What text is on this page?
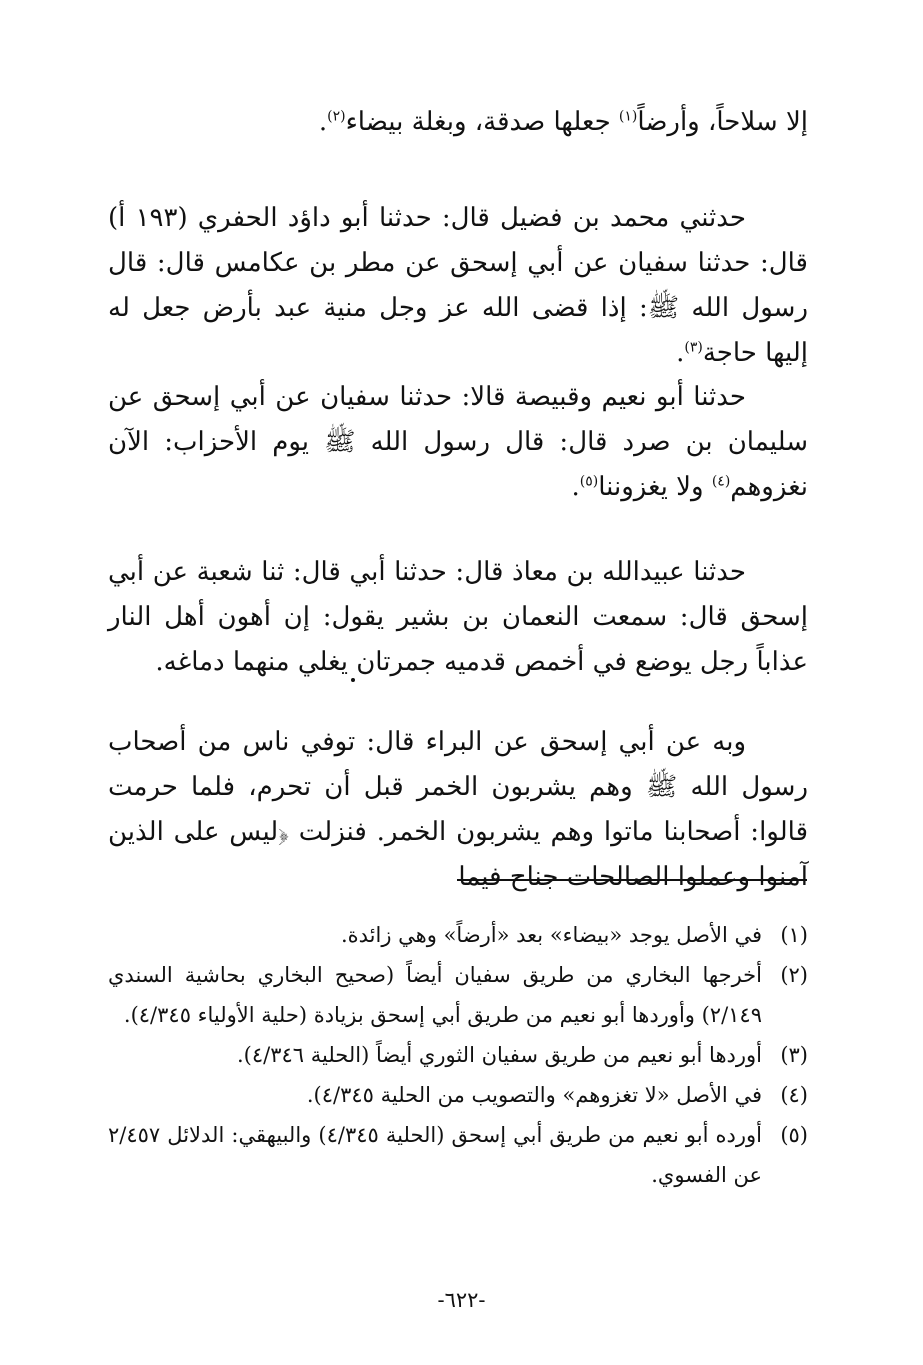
إلا سلاحاً، وأرضاً$^{(١)}$ جعلها صدقة، وبغلة بيضاء$^{(٢)}$.

حدثني محمد بن فضيل قال: حدثنا أبو داؤد الحفري (١٩٣ أ) قال: حدثنا سفيان عن أبي إسحق عن مطر بن عكامس قال: قال رسول الله ﷺ: إذا قضى الله عز وجل منية عبد بأرض جعل له إليها حاجة$^{(٣)}$.

حدثنا أبو نعيم وقبيصة قالا: حدثنا سفيان عن أبي إسحق عن سليمان بن صرد قال: قال رسول الله ﷺ يوم الأحزاب: الآن نغزوهم$^{(٤)}$ ولا يغزوننا$^{(٥)}$.

حدثنا عبيدالله بن معاذ قال: حدثنا أبي قال: ثنا شعبة عن أبي إسحق قال: سمعت النعمان بن بشير يقول: إن أهون أهل النار عذاباً رجل يوضع في أخمص قدميه جمرتان يغلي منهما دماغه.

وبه عن أبي إسحق عن البراء قال: توفي ناس من أصحاب رسول الله ﷺ وهم يشربون الخمر قبل أن تحرم، فلما حرمت قالوا: أصحابنا ماتوا وهم يشربون الخمر. فنزلت ﴿ليس على الذين آمنوا وعملوا الصالحات جناح فيما

(١)
في الأصل يوجد «بيضاء» بعد «أرضاً» وهي زائدة.
(٢)
أخرجها البخاري من طريق سفيان أيضاً (صحيح البخاري بحاشية السندي ٢/١٤٩) وأوردها أبو نعيم من طريق أبي إسحق بزيادة (حلية الأولياء ٤/٣٤٥).
(٣)
أوردها أبو نعيم من طريق سفيان الثوري أيضاً (الحلية ٤/٣٤٦).
(٤)
في الأصل «لا تغزوهم» والتصويب من الحلية ٤/٣٤٥).
(٥)
أورده أبو نعيم من طريق أبي إسحق (الحلية ٤/٣٤٥) والبيهقي: الدلائل ٢/٤٥٧ عن الفسوي.
-٦٢٢-
